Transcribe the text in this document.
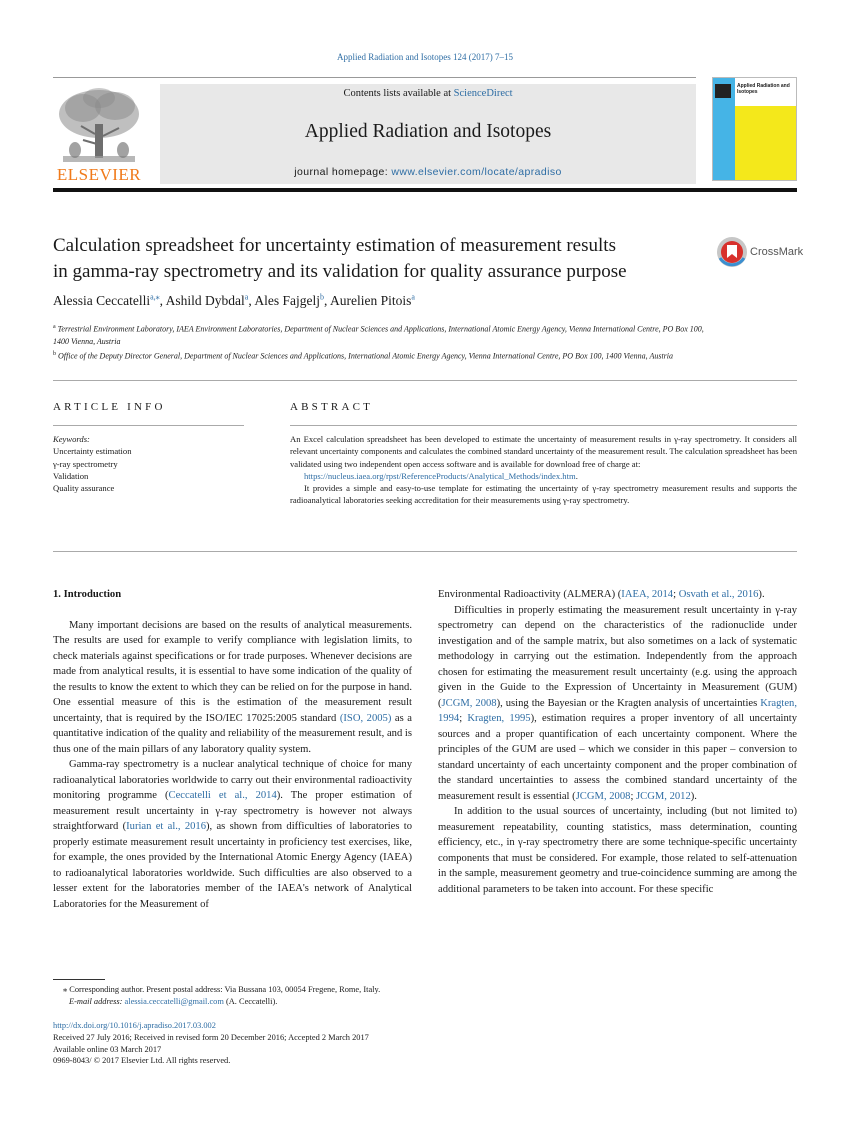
Applied Radiation and Isotopes 124 (2017) 7–15
ELSEVIER
Contents lists available at ScienceDirect
Applied Radiation and Isotopes
journal homepage: www.elsevier.com/locate/apradiso
Applied Radiation and Isotopes
Calculation spreadsheet for uncertainty estimation of measurement results
in gamma-ray spectrometry and its validation for quality assurance purpose
CrossMark
Alessia Ceccatelli$^{a,⁎}$, Ashild Dybdal$^a$, Ales Fajgelj$^b$, Aurelien Pitois$^a$
$^a$ Terrestrial Environment Laboratory, IAEA Environment Laboratories, Department of Nuclear Sciences and Applications, International Atomic Energy Agency, Vienna International Centre, PO Box 100, 1400 Vienna, Austria
$^b$ Office of the Deputy Director General, Department of Nuclear Sciences and Applications, International Atomic Energy Agency, Vienna International Centre, PO Box 100, 1400 Vienna, Austria
ARTICLE INFO	ABSTRACT
Keywords:
Uncertainty estimation
γ-ray spectrometry
Validation
Quality assurance

An Excel calculation spreadsheet has been developed to estimate the uncertainty of measurement results in γ-ray spectrometry. It considers all relevant uncertainty components and calculates the combined standard uncertainty of the measurement result. The calculation spreadsheet has been validated using two independent open access software and is available for download free of charge at:

https://nucleus.iaea.org/rpst/ReferenceProducts/Analytical_Methods/index.htm.

It provides a simple and easy-to-use template for estimating the uncertainty of γ-ray spectrometry measurement results and supports the radioanalytical laboratories seeking accreditation for their measurements using γ-ray spectrometry.

1. Introduction

Many important decisions are based on the results of analytical measurements. The results are used for example to verify compliance with legislation limits, to check materials against specifications or for trade purposes. Whenever decisions are made from analytical results, it is essential to have some indication of the quality of the results to know the extent to which they can be relied on for the purpose in hand. One essential measure of this is the estimation of the measurement result uncertainty, that is required by the ISO/IEC 17025:2005 standard (ISO, 2005) as a quantitative indication of the quality and reliability of the measurement result, and is thus one of the main pillars of any laboratory quality system.

Gamma-ray spectrometry is a nuclear analytical technique of choice for many radioanalytical laboratories worldwide to carry out their environmental radioactivity monitoring programme (Ceccatelli et al., 2014). The proper estimation of measurement result uncertainty in γ-ray spectrometry is however not always straightforward (Iurian et al., 2016), as shown from difficulties of laboratories to properly estimate measurement result uncertainty in proficiency test exercises, like, for example, the ones provided by the International Atomic Energy Agency (IAEA) to radioanalytical laboratories worldwide. Such difficulties are also observed to a lesser extent for the laboratories member of the IAEA's network of Analytical Laboratories for the Measurement of

Environmental Radioactivity (ALMERA) (IAEA, 2014; Osvath et al., 2016).

Difficulties in properly estimating the measurement result uncertainty in γ-ray spectrometry can depend on the characteristics of the radionuclide under investigation and of the sample matrix, but also sometimes on a lack of systematic methodology in carrying out the estimation. Independently from the approach chosen for estimating the measurement result uncertainty (e.g. using the approach given in the Guide to the Expression of Uncertainty in Measurement (GUM) (JCGM, 2008), using the Bayesian or the Kragten analysis of uncertainties Kragten, 1994; Kragten, 1995), estimation requires a proper inventory of all uncertainty sources and a proper quantification of each uncertainty component. Where the principles of the GUM are used – which we consider in this paper – conversion to standard uncertainty of each uncertainty component and the proper combination of the standard uncertainties to assess the combined standard uncertainty of the measurement result is essential (JCGM, 2008; JCGM, 2012).

In addition to the usual sources of uncertainty, including (but not limited to) measurement repeatability, counting statistics, mass determination, counting efficiency, etc., in γ-ray spectrometry there are some technique-specific uncertainty components that must be considered. For example, those related to self-attenuation in the sample, measurement geometry and true-coincidence summing are among the additional parameters to be taken into account. For these specific

⁎ Corresponding author. Present postal address: Via Bussana 103, 00054 Fregene, Rome, Italy.
E-mail address: alessia.ceccatelli@gmail.com (A. Ceccatelli).
http://dx.doi.org/10.1016/j.apradiso.2017.03.002
Received 27 July 2016; Received in revised form 20 December 2016; Accepted 2 March 2017
Available online 03 March 2017
0969-8043/ © 2017 Elsevier Ltd. All rights reserved.
